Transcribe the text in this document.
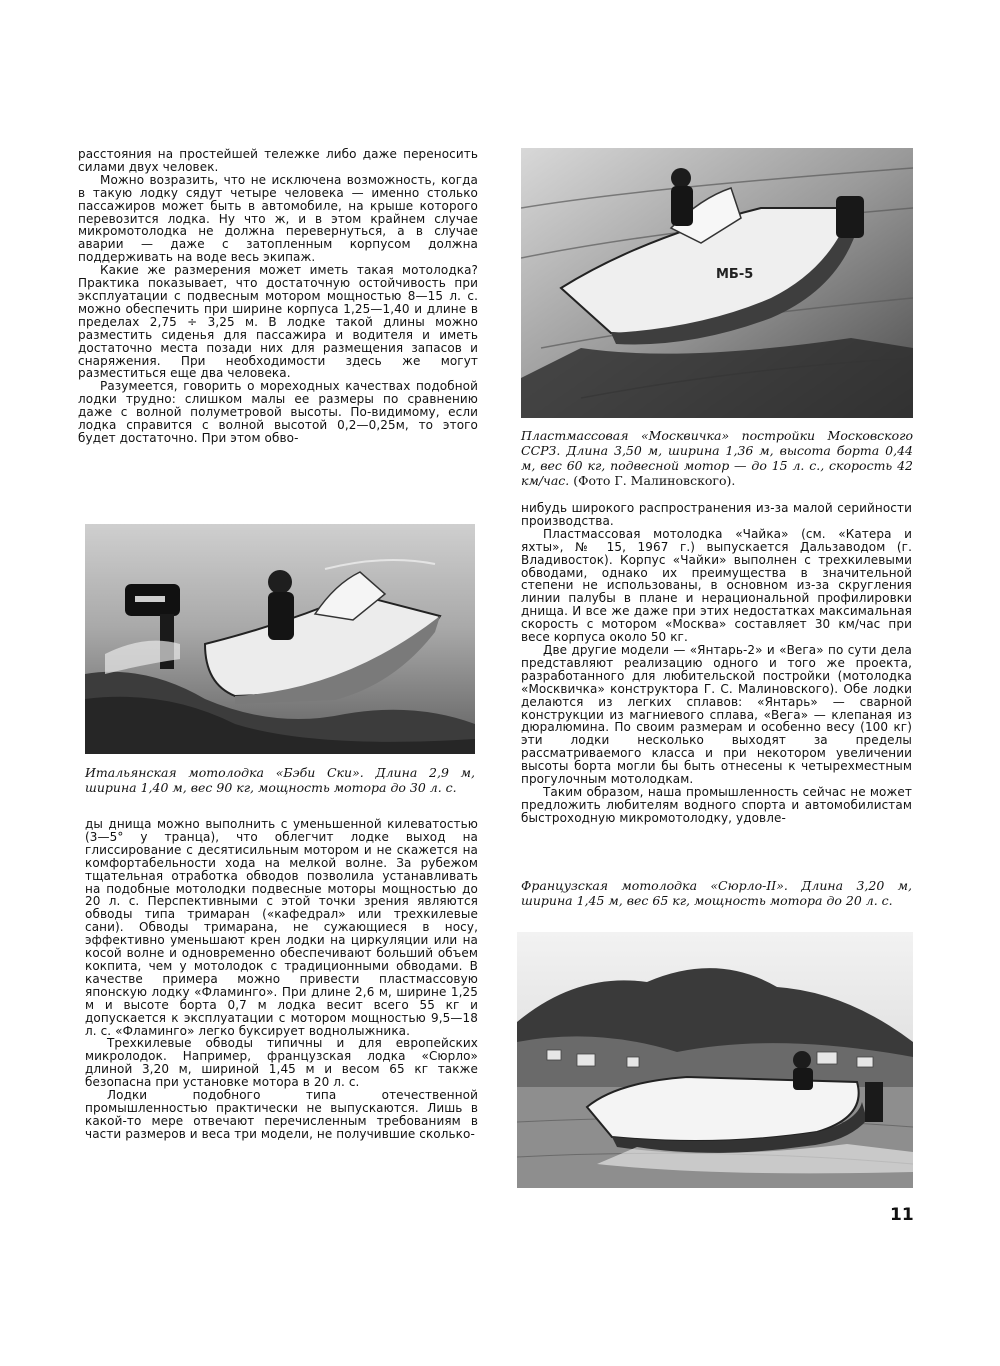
расстояния на простейшей тележке либо даже переносить силами двух человек.

Можно возразить, что не исключена возможность, когда в такую лодку сядут четыре человека — именно столько пассажиров может быть в автомобиле, на крыше которого перевозится лодка. Ну что ж, и в этом крайнем случае микромотолодка не должна перевернуться, а в случае аварии — даже с затопленным корпусом должна поддерживать на воде весь экипаж.

Какие же размерения может иметь такая мотолодка? Практика показывает, что достаточную остойчивость при эксплуатации с подвесным мотором мощностью 8—15 л. с. можно обеспечить при ширине корпуса 1,25—1,40 и длине в пределах 2,75 ÷ 3,25 м. В лодке такой длины можно разместить сиденья для пассажира и водителя и иметь достаточно места позади них для размещения запасов и снаряжения. При необходимости здесь же могут разместиться еще два человека.

Разумеется, говорить о мореходных качествах подобной лодки трудно: слишком малы ее размеры по сравнению даже с волной полуметровой высоты. По-видимому, если лодка справится с волной высотой 0,2—0,25м, то этого будет достаточно. При этом обво-

Итальянская мотолодка «Бэби Ски». Длина 2,9 м, ширина 1,40 м, вес 90 кг, мощность мотора до 30 л. с.

ды днища можно выполнить с уменьшенной килеватостью (3—5° у транца), что облегчит лодке выход на глиссирование с десятисильным мотором и не скажется на комфортабельности хода на мелкой волне. За рубежом тщательная отработка обводов позволила устанавливать на подобные мотолодки подвесные моторы мощностью до 20 л. с. Перспективными с этой точки зрения являются обводы типа тримаран («кафедрал» или трехкилевые сани). Обводы тримарана, не сужающиеся в носу, эффективно уменьшают крен лодки на циркуляции или на косой волне и одновременно обеспечивают больший объем кокпита, чем у мотолодок с традиционными обводами. В качестве примера можно привести пластмассовую японскую лодку «Фламинго». При длине 2,6 м, ширине 1,25 м и высоте борта 0,7 м лодка весит всего 55 кг и допускается к эксплуатации с мотором мощностью 9,5—18 л. с. «Фламинго» легко буксирует воднолыжника.

Трехкилевые обводы типичны и для европейских микролодок. Например, французская лодка «Сюрло» длиной 3,20 м, шириной 1,45 м и весом 65 кг также безопасна при установке мотора в 20 л. с.

Лодки подобного типа отечественной промышленностью практически не выпускаются. Лишь в какой-то мере отвечают перечисленным требованиям в части размеров и веса три модели, не получившие сколько-

МБ-5
Пластмассовая «Москвичка» постройки Московского ССРЗ. Длина 3,50 м, ширина 1,36 м, высота борта 0,44 м, вес 60 кг, подвесной мотор — до 15 л. с., скорость 42 км/час. (Фото Г. Малиновского).

нибудь широкого распространения из-за малой серийности производства.

Пластмассовая мотолодка «Чайка» (см. «Катера и яхты», № 15, 1967 г.) выпускается Дальзаводом (г. Владивосток). Корпус «Чайки» выполнен с трехкилевыми обводами, однако их преимущества в значительной степени не использованы, в основном из-за скругления линии палубы в плане и нерациональной профилировки днища. И все же даже при этих недостатках максимальная скорость с мотором «Москва» составляет 30 км/час при весе корпуса около 50 кг.

Две другие модели — «Янтарь-2» и «Вега» по сути дела представляют реализацию одного и того же проекта, разработанного для любительской постройки (мотолодка «Москвичка» конструктора Г. С. Малиновского). Обе лодки делаются из легких сплавов: «Янтарь» — сварной конструкции из магниевого сплава, «Вега» — клепаная из дюралюмина. По своим размерам и особенно весу (100 кг) эти лодки несколько выходят за пределы рассматриваемого класса и при некотором увеличении высоты борта могли бы быть отнесены к четырехместным прогулочным мотолодкам.

Таким образом, наша промышленность сейчас не может предложить любителям водного спорта и автомобилистам быстроходную микромотолодку, удовле-

Французская мотолодка «Сюрло-II». Длина 3,20 м, ширина 1,45 м, вес 65 кг, мощность мотора до 20 л. с.
11
